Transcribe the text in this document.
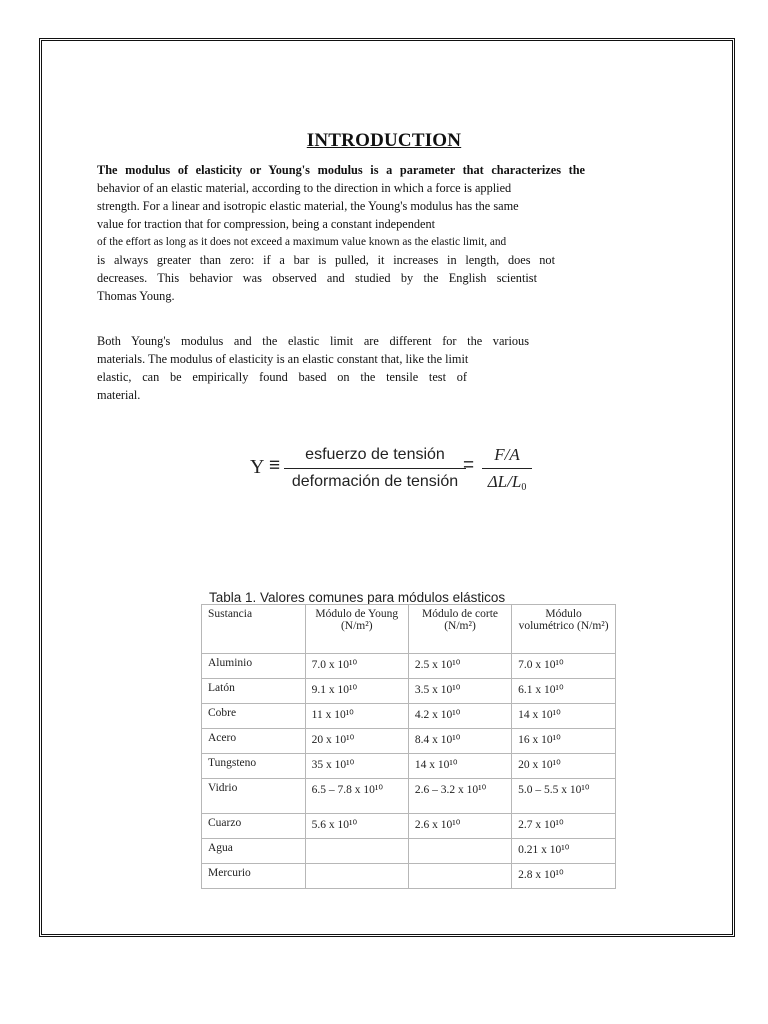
INTRODUCTION
The modulus of elasticity or Young's modulus is a parameter that characterizes the
behavior of an elastic material, according to the direction in which a force is applied
strength. For a linear and isotropic elastic material, the Young's modulus has the same
value for traction that for compression, being a constant independent
of the effort as long as it does not exceed a maximum value known as the elastic limit, and
is always greater than zero: if a bar is pulled, it increases in length, does not
decreases. This behavior was observed and studied by the English scientist
Thomas Young.
Both Young's modulus and the elastic limit are different for the various
materials. The modulus of elasticity is an elastic constant that, like the limit
elastic, can be empirically found based on the tensile test of
material.
Y ≡
esfuerzo de tensión
deformación de tensión
=
F/A
ΔL/L0
Tabla 1. Valores comunes para módulos elásticos
Sustancia	Módulo de Young (N/m²)	Módulo de corte (N/m²)	Módulo volumétrico (N/m²)
Aluminio	7.0 x 10¹⁰	2.5 x 10¹⁰	7.0 x 10¹⁰
Latón	9.1 x 10¹⁰	3.5 x 10¹⁰	6.1 x 10¹⁰
Cobre	11 x 10¹⁰	4.2 x 10¹⁰	14 x 10¹⁰
Acero	20 x 10¹⁰	8.4 x 10¹⁰	16 x 10¹⁰
Tungsteno	35 x 10¹⁰	14 x 10¹⁰	20 x 10¹⁰
Vidrio	6.5 – 7.8 x 10¹⁰	2.6 – 3.2 x 10¹⁰	5.0 – 5.5 x 10¹⁰
Cuarzo	5.6 x 10¹⁰	2.6 x 10¹⁰	2.7 x 10¹⁰
Agua			0.21 x 10¹⁰
Mercurio			2.8 x 10¹⁰
